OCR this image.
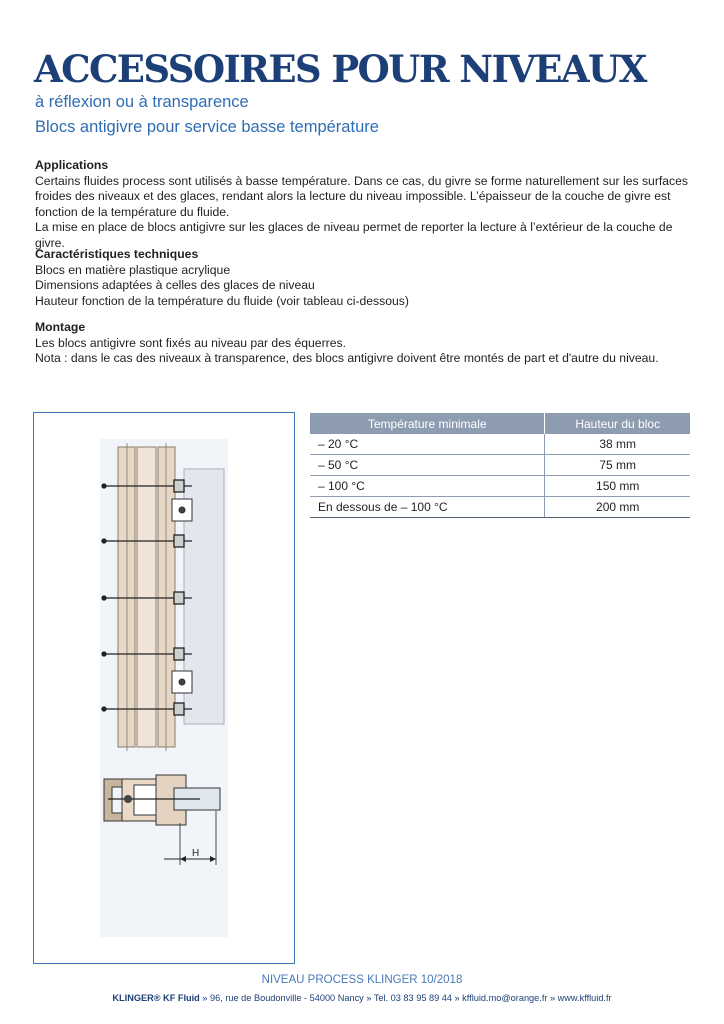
ACCESSOIRES POUR NIVEAUX
à réflexion ou à transparence
Blocs antigivre pour service basse température
Applications

Certains fluides process sont utilisés à basse température. Dans ce cas, du givre se forme naturellement sur les surfaces

froides des niveaux et des glaces, rendant alors la lecture du niveau impossible. L’épaisseur de la couche de givre est

fonction de la température du fluide.

La mise en place de blocs antigivre sur les glaces de niveau permet de reporter la lecture à l’extérieur de la couche de givre.

Caractéristiques techniques

Blocs en matière plastique acrylique

Dimensions adaptées à celles des glaces de niveau

Hauteur fonction de la température du fluide (voir tableau ci-dessous)

Montage

Les blocs antigivre sont fixés au niveau par des équerres.

Nota : dans le cas des niveaux à transparence, des blocs antigivre doivent être montés de part et d'autre du niveau.

H
Température minimale	Hauteur du bloc
– 20 °C	38 mm
– 50 °C	75 mm
– 100 °C	150 mm
En dessous de – 100 °C	200 mm
NIVEAU PROCESS KLINGER 10/2018
KLINGER® KF Fluid » 96, rue de Boudonville - 54000 Nancy » Tel. 03 83 95 89 44 » kffluid.mo@orange.fr » www.kffluid.fr
